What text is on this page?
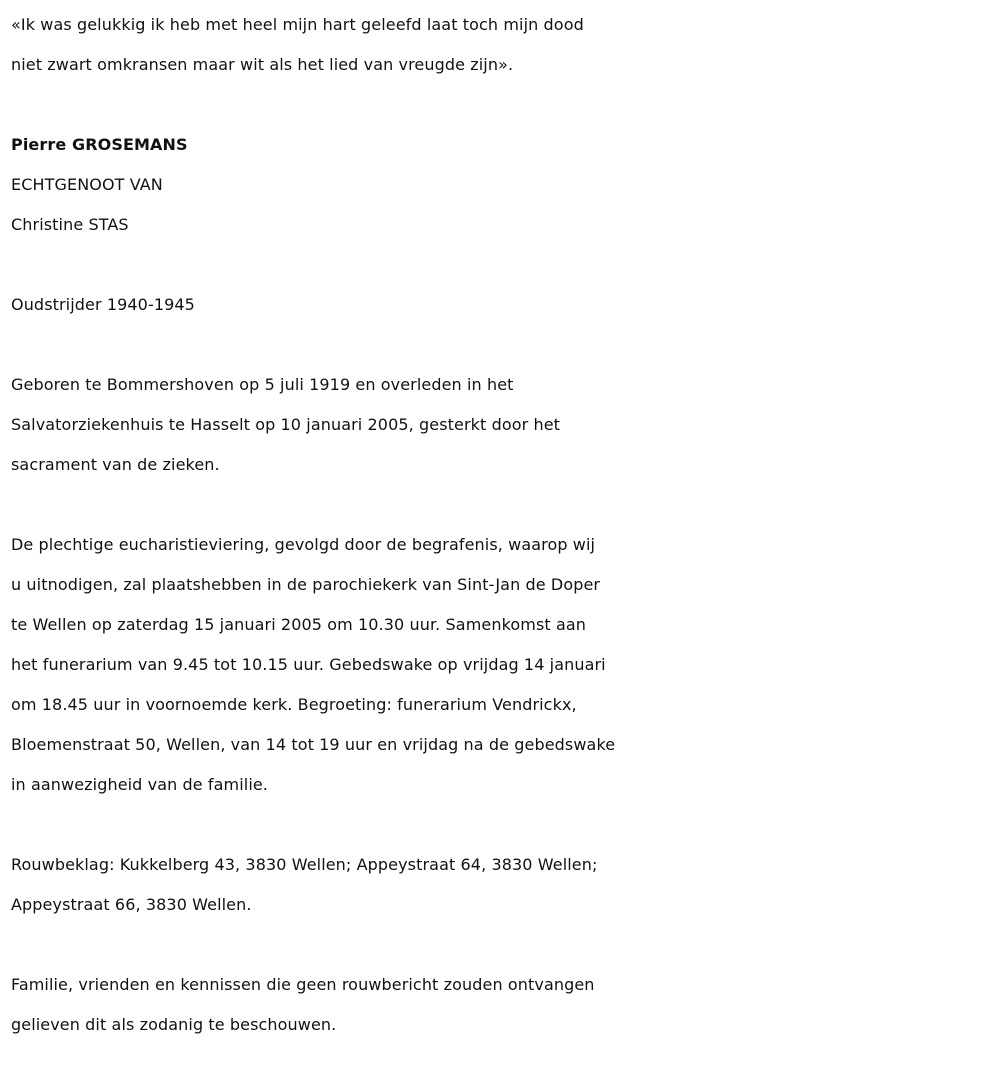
«Ik was gelukkig ik heb met heel mijn hart geleefd laat toch mijn dood
niet zwart omkransen maar wit als het lied van vreugde zijn».
Pierre GROSEMANS
ECHTGENOOT VAN
Christine STAS
Oudstrijder 1940-1945
Geboren te Bommershoven op 5 juli 1919 en overleden in het
Salvatorziekenhuis te Hasselt op 10 januari 2005, gesterkt door het
sacrament van de zieken.
De plechtige eucharistieviering, gevolgd door de begrafenis, waarop wij
u uitnodigen, zal plaatshebben in de parochiekerk van Sint-Jan de Doper
te Wellen op zaterdag 15 januari 2005 om 10.30 uur. Samenkomst aan
het funerarium van 9.45 tot 10.15 uur. Gebedswake op vrijdag 14 januari
om 18.45 uur in voornoemde kerk. Begroeting: funerarium Vendrickx,
Bloemenstraat 50, Wellen, van 14 tot 19 uur en vrijdag na de gebedswake
in aanwezigheid van de familie.
Rouwbeklag: Kukkelberg 43, 3830 Wellen; Appeystraat 64, 3830 Wellen;
Appeystraat 66, 3830 Wellen.
Familie, vrienden en kennissen die geen rouwbericht zouden ontvangen
gelieven dit als zodanig te beschouwen.
